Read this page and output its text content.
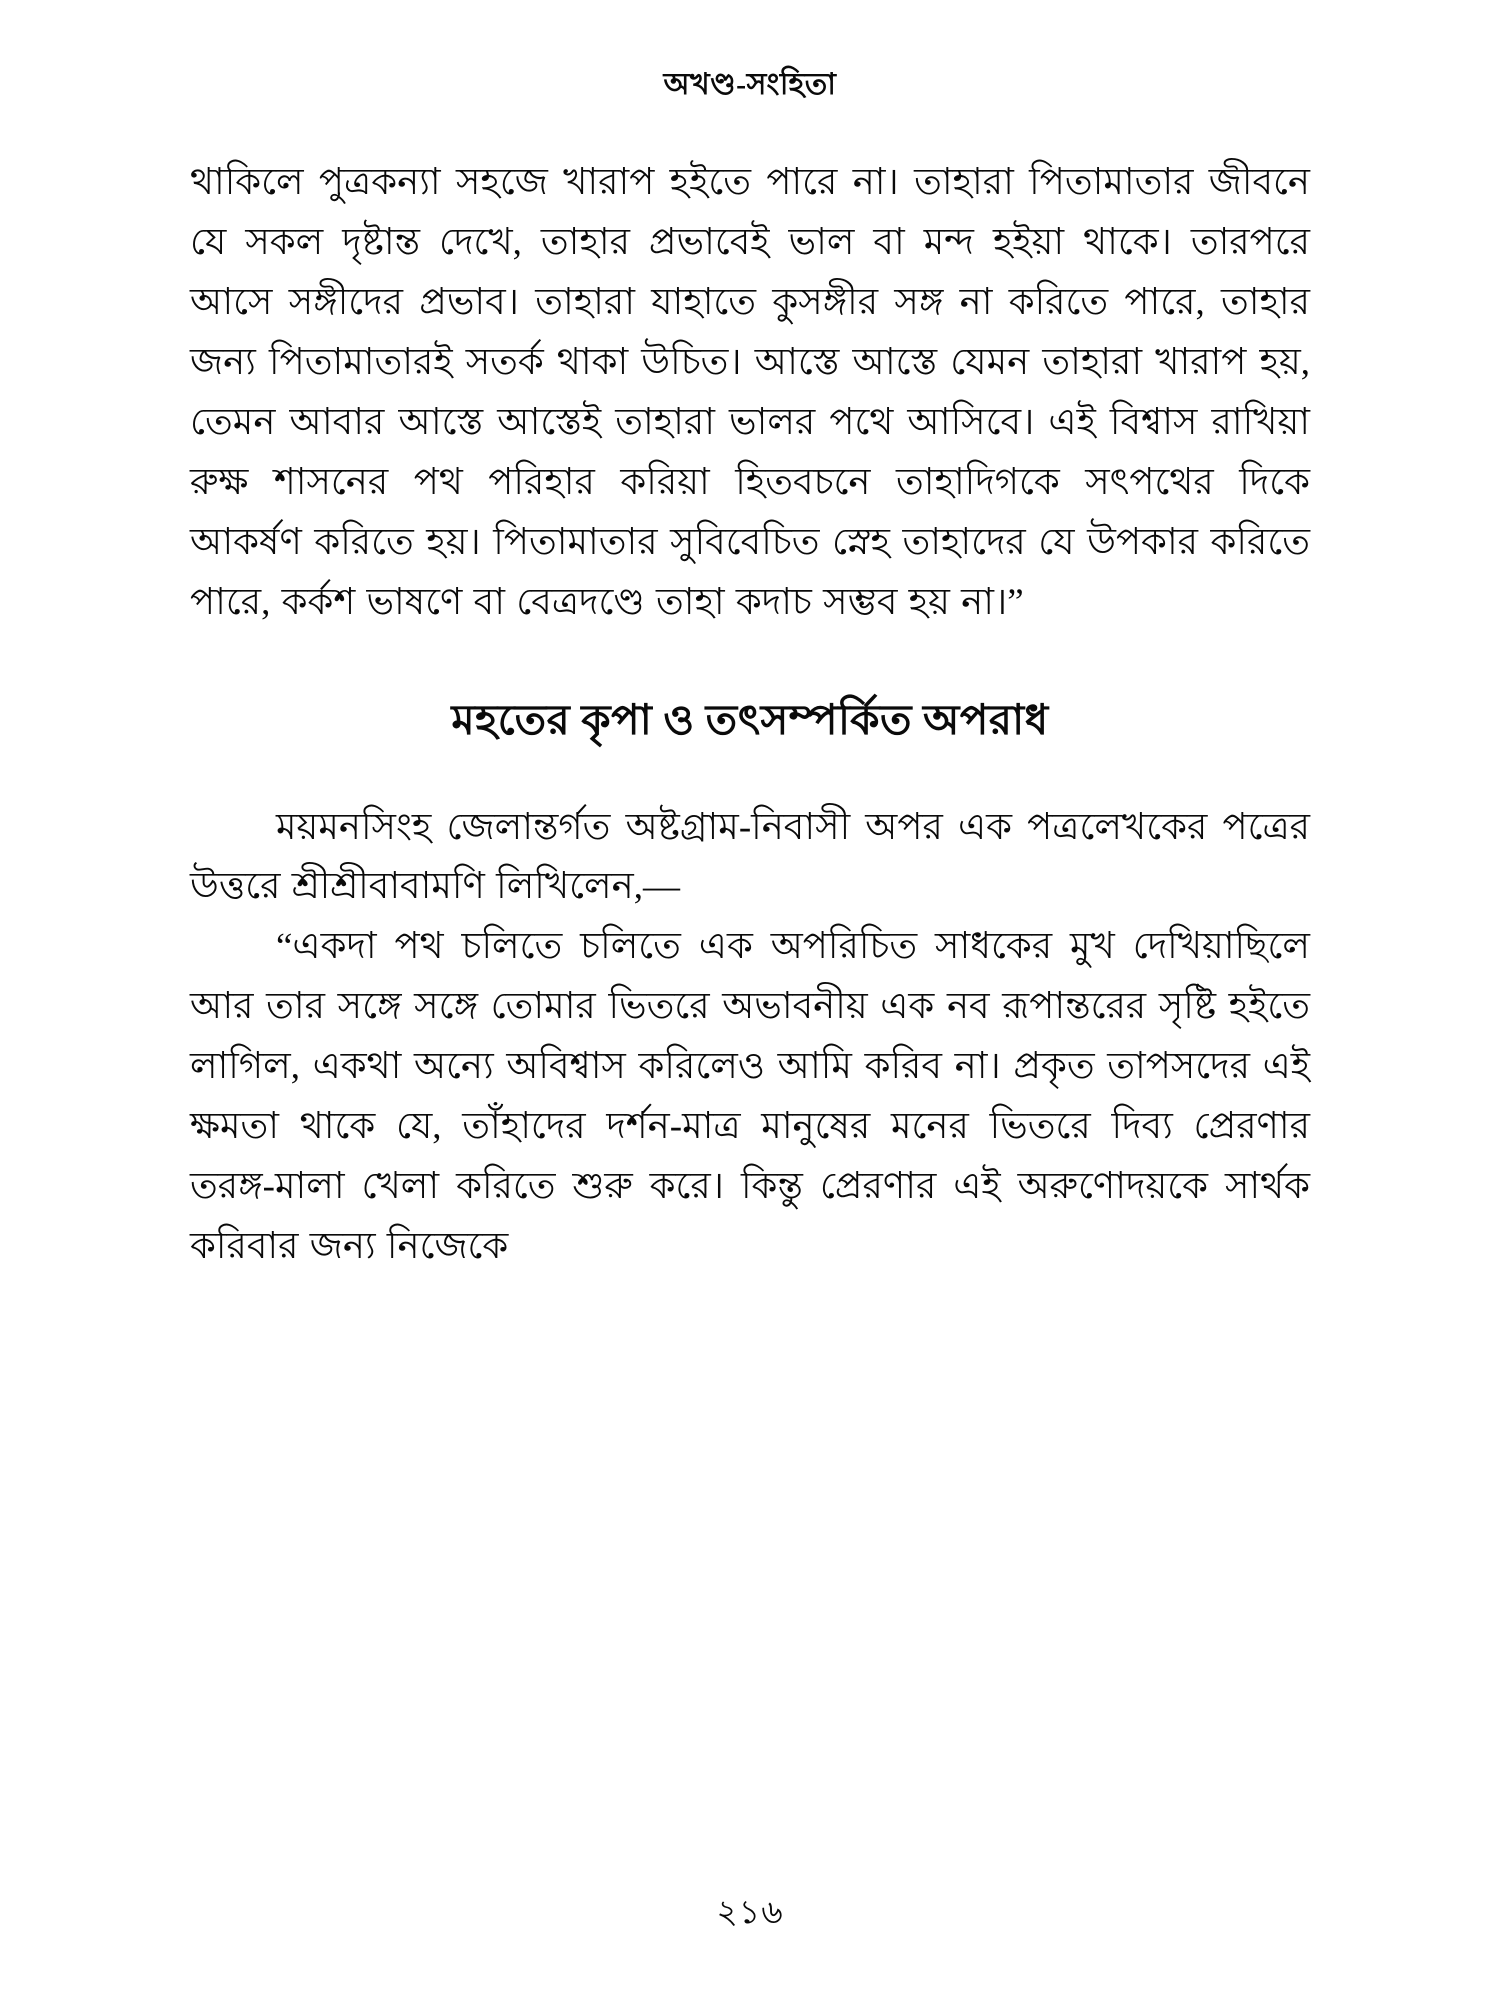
অখণ্ড-সংহিতা

থাকিলে পুত্রকন্যা সহজে খারাপ হইতে পারে না। তাহারা পিতামাতার জীবনে যে সকল দৃষ্টান্ত দেখে, তাহার প্রভাবেই ভাল বা মন্দ হইয়া থাকে। তারপরে আসে সঙ্গীদের প্রভাব। তাহারা যাহাতে কুসঙ্গীর সঙ্গ না করিতে পারে, তাহার জন্য পিতামাতারই সতর্ক থাকা উচিত। আস্তে আস্তে যেমন তাহারা খারাপ হয়, তেমন আবার আস্তে আস্তেই তাহারা ভালর পথে আসিবে। এই বিশ্বাস রাখিয়া রুক্ষ শাসনের পথ পরিহার করিয়া হিতবচনে তাহাদিগকে সৎপথের দিকে আকর্ষণ করিতে হয়। পিতামাতার সুবিবেচিত স্নেহ তাহাদের যে উপকার করিতে পারে, কর্কশ ভাষণে বা বেত্রদণ্ডে তাহা কদাচ সম্ভব হয় না।”

মহতের কৃপা ও তৎসম্পর্কিত অপরাধ

ময়মনসিংহ জেলান্তর্গত অষ্টগ্রাম-নিবাসী অপর এক পত্রলেখকের পত্রের উত্তরে শ্রীশ্রীবাবামণি লিখিলেন,—

“একদা পথ চলিতে চলিতে এক অপরিচিত সাধকের মুখ দেখিয়াছিলে আর তার সঙ্গে সঙ্গে তোমার ভিতরে অভাবনীয় এক নব রূপান্তরের সৃষ্টি হইতে লাগিল, একথা অন্যে অবিশ্বাস করিলেও আমি করিব না। প্রকৃত তাপসদের এই ক্ষমতা থাকে যে, তাঁহাদের দর্শন-মাত্র মানুষের মনের ভিতরে দিব্য প্রেরণার তরঙ্গ-মালা খেলা করিতে শুরু করে। কিন্তু প্রেরণার এই অরুণোদয়কে সার্থক করিবার জন্য নিজেকে

২১৬
